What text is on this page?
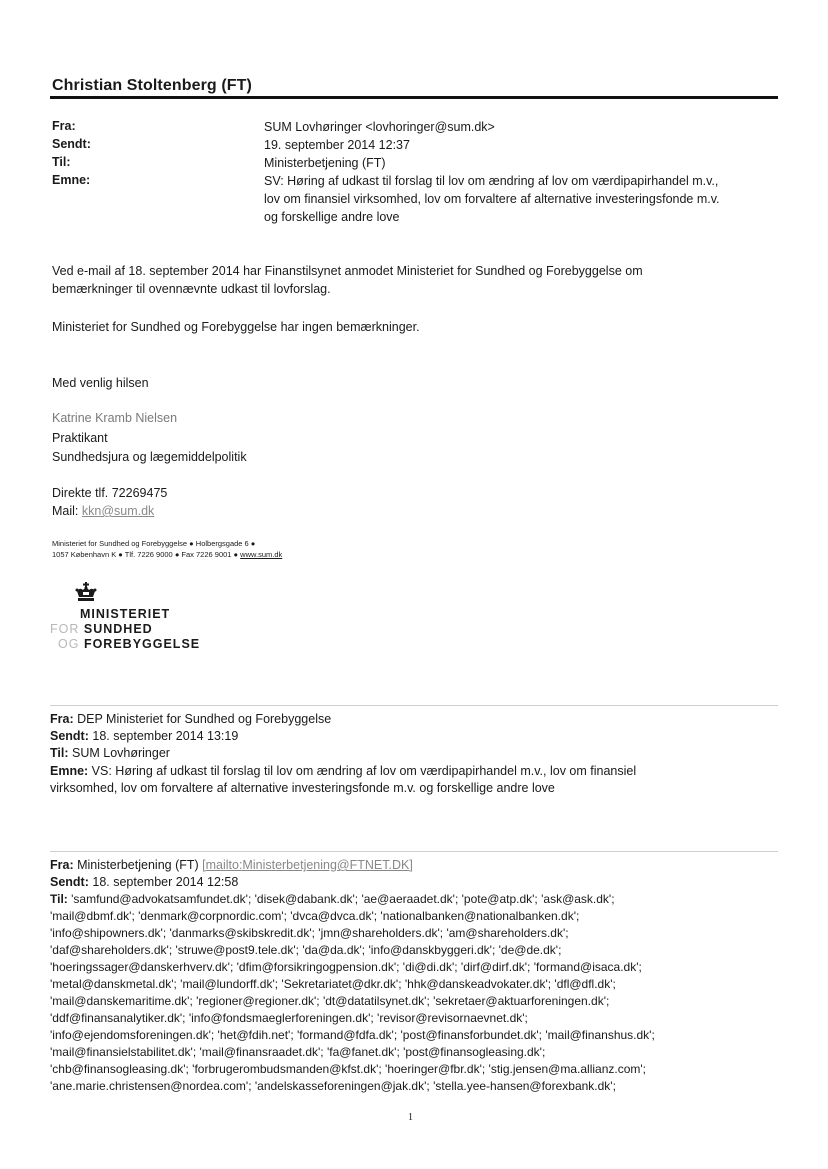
Christian Stoltenberg (FT)
Fra:
Sendt:
Til:
Emne:
SUM Lovhøringer <lovhoringer@sum.dk>
19. september 2014 12:37
Ministerbetjening (FT)
SV: Høring af udkast til forslag til lov om ændring af lov om værdipapirhandel m.v.,
lov om finansiel virksomhed, lov om forvaltere af alternative investeringsfonde m.v.
og forskellige andre love
Ved e-mail af 18. september 2014 har Finanstilsynet anmodet Ministeriet for Sundhed og Forebyggelse om
bemærkninger til ovennævnte udkast til lovforslag.
Ministeriet for Sundhed og Forebyggelse har ingen bemærkninger.
Med venlig hilsen
Katrine Kramb Nielsen
Praktikant
Sundhedsjura og lægemiddelpolitik
Direkte tlf. 72269475
Mail: kkn@sum.dk
Ministeriet for Sundhed og Forebyggelse ● Holbergsgade 6 ●
1057 København K ● Tlf. 7226 9000 ● Fax 7226 9001 ● www.sum.dk
MINISTERIET
FOR SUNDHED
OG FOREBYGGELSE
Fra: DEP Ministeriet for Sundhed og Forebyggelse
Sendt: 18. september 2014 13:19
Til: SUM Lovhøringer
Emne: VS: Høring af udkast til forslag til lov om ændring af lov om værdipapirhandel m.v., lov om finansiel
virksomhed, lov om forvaltere af alternative investeringsfonde m.v. og forskellige andre love
Fra: Ministerbetjening (FT) [mailto:Ministerbetjening@FTNET.DK]
Sendt: 18. september 2014 12:58
Til: 'samfund@advokatsamfundet.dk'; 'disek@dabank.dk'; 'ae@aeraadet.dk'; 'pote@atp.dk'; 'ask@ask.dk';
'mail@dbmf.dk'; 'denmark@corpnordic.com'; 'dvca@dvca.dk'; 'nationalbanken@nationalbanken.dk';
'info@shipowners.dk'; 'danmarks@skibskredit.dk'; 'jmn@shareholders.dk'; 'am@shareholders.dk';
'daf@shareholders.dk'; 'struwe@post9.tele.dk'; 'da@da.dk'; 'info@danskbyggeri.dk'; 'de@de.dk';
'hoeringssager@danskerhverv.dk'; 'dfim@forsikringogpension.dk'; 'di@di.dk'; 'dirf@dirf.dk'; 'formand@isaca.dk';
'metal@danskmetal.dk'; 'mail@lundorff.dk'; 'Sekretariatet@dkr.dk'; 'hhk@danskeadvokater.dk'; 'dfl@dfl.dk';
'mail@danskemaritime.dk'; 'regioner@regioner.dk'; 'dt@datatilsynet.dk'; 'sekretaer@aktuarforeningen.dk';
'ddf@finansanalytiker.dk'; 'info@fondsmaeglerforeningen.dk'; 'revisor@revisornaevnet.dk';
'info@ejendomsforeningen.dk'; 'het@fdih.net'; 'formand@fdfa.dk'; 'post@finansforbundet.dk'; 'mail@finanshus.dk';
'mail@finansielstabilitet.dk'; 'mail@finansraadet.dk'; 'fa@fanet.dk'; 'post@finansogleasing.dk';
'chb@finansogleasing.dk'; 'forbrugerombudsmanden@kfst.dk'; 'hoeringer@fbr.dk'; 'stig.jensen@ma.allianz.com';
'ane.marie.christensen@nordea.com'; 'andelskasseforeningen@jak.dk'; 'stella.yee-hansen@forexbank.dk';
1
